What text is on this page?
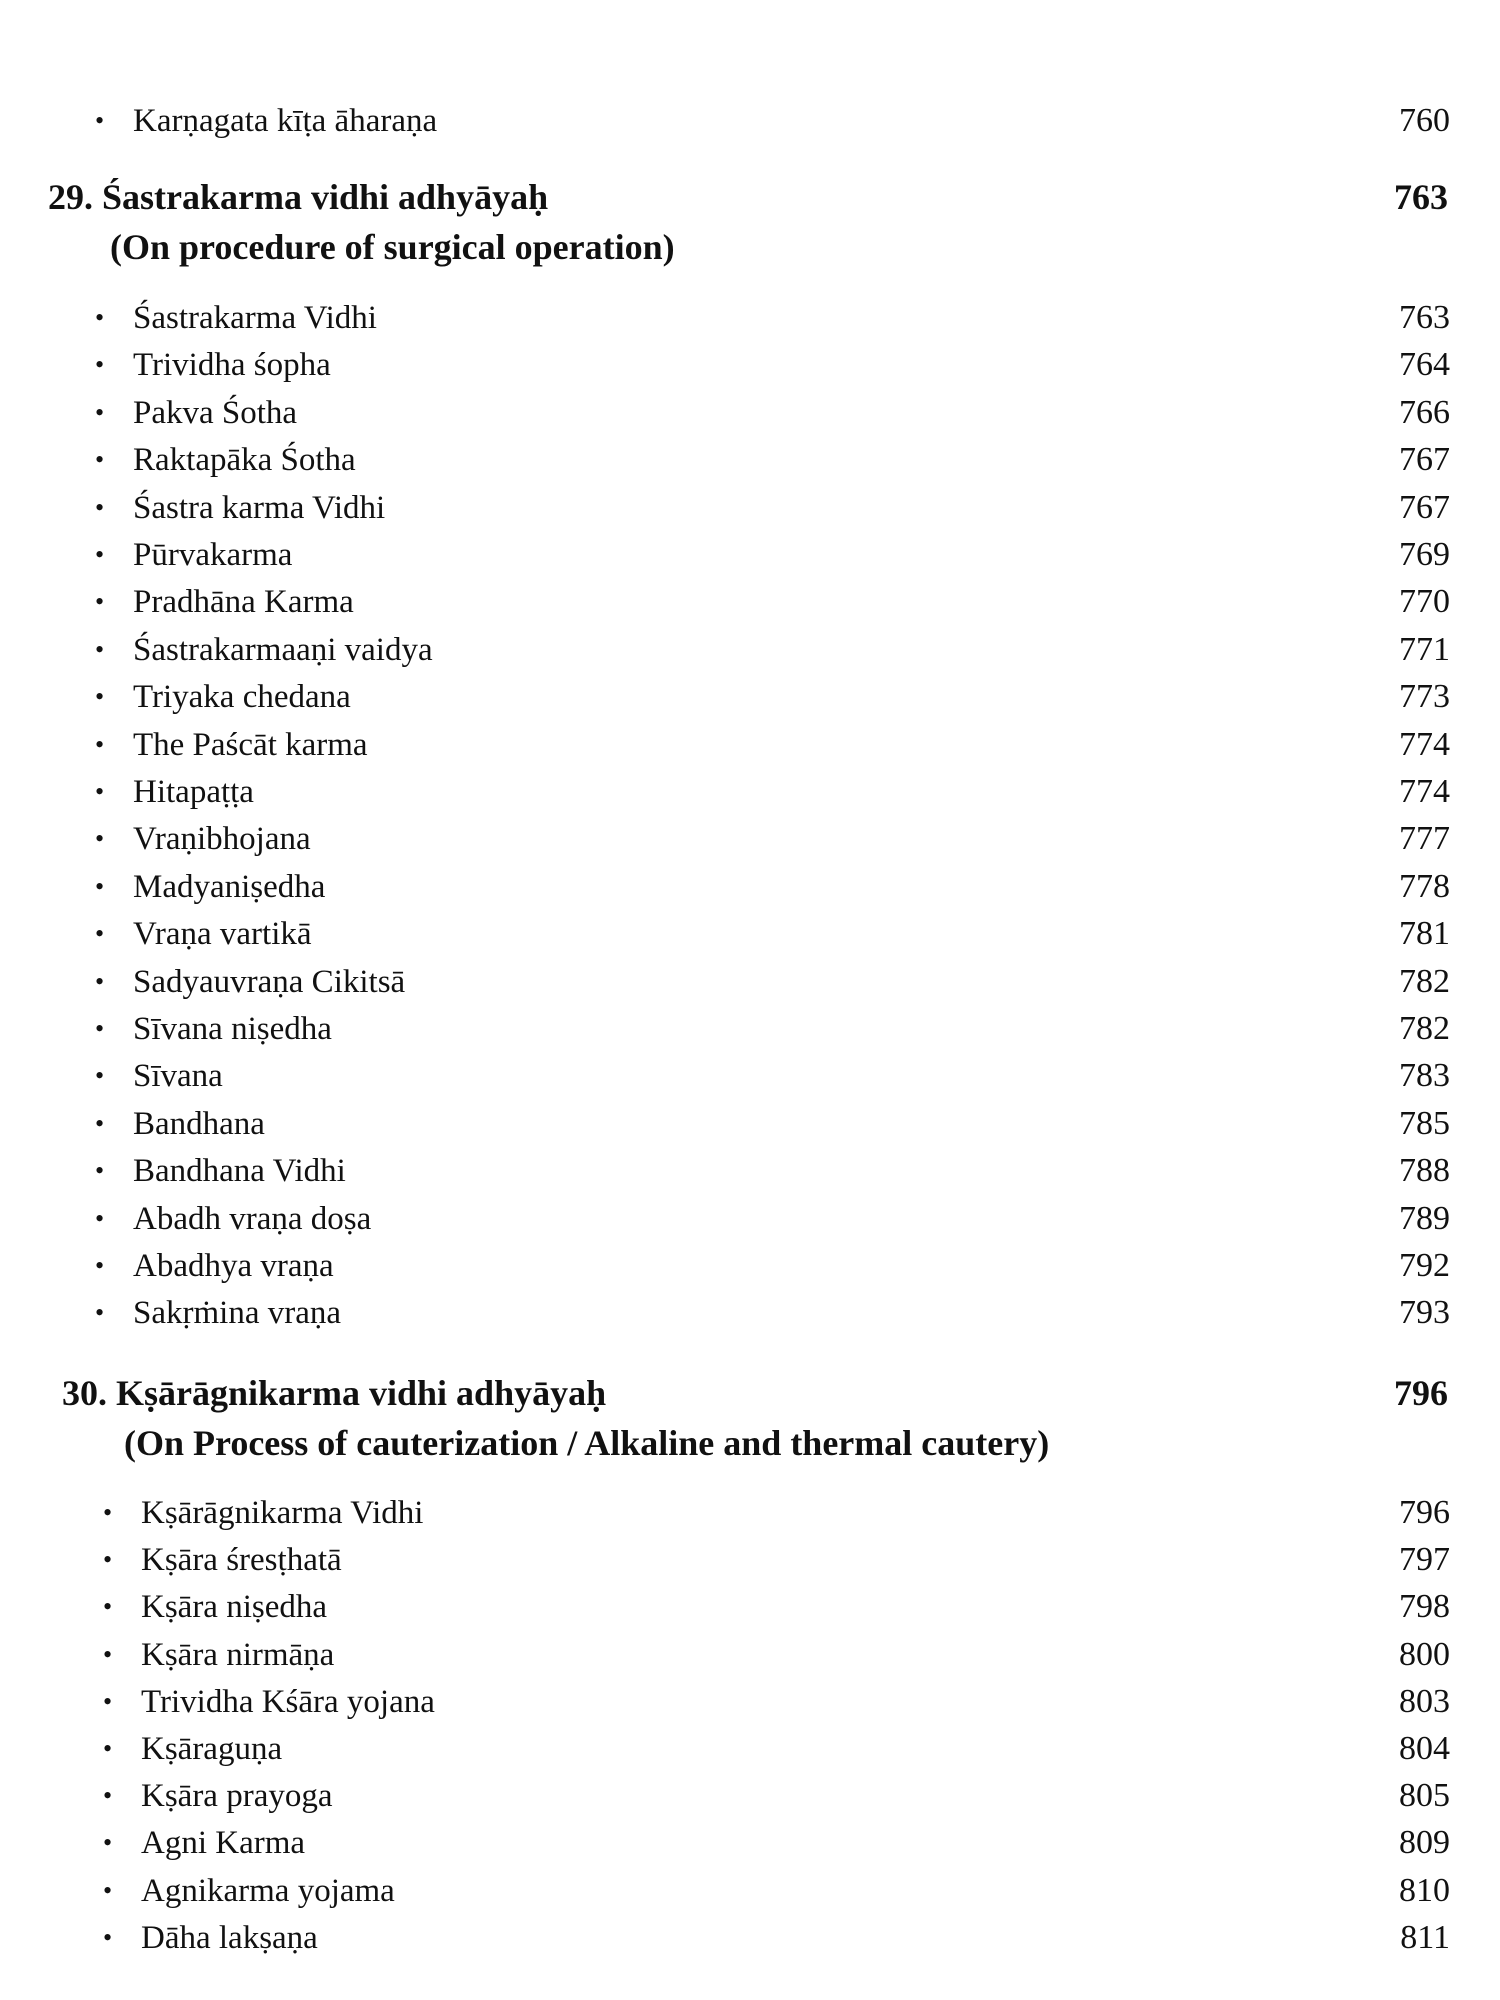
• Karṇagata kīṭa āharaṇa	760
29. Śastrakarma vidhi adhyāyaḥ	763
(On procedure of surgical operation)
• Śastrakarma Vidhi	763
• Trividha śopha	764
• Pakva Śotha	766
• Raktapāka Śotha	767
• Śastra karma Vidhi	767
• Pūrvakarma	769
• Pradhāna Karma	770
• Śastrakarmaaṇi vaidya	771
• Triyaka chedana	773
• The Paścāt karma	774
• Hitapaṭṭa	774
• Vraṇibhojana	777
• Madyaniṣedha	778
• Vraṇa vartikā	781
• Sadyauvraṇa Cikitsā	782
• Sīvana niṣedha	782
• Sīvana	783
• Bandhana	785
• Bandhana Vidhi	788
• Abadh vraṇa doṣa	789
• Abadhya vraṇa	792
• Sakṛṁina vraṇa	793
30. Kṣārāgnikarma vidhi adhyāyaḥ	796
(On Process of cauterization / Alkaline and thermal cautery)
• Kṣārāgnikarma Vidhi	796
• Kṣāra śresṭhatā	797
• Kṣāra niṣedha	798
• Kṣāra nirmāṇa	800
• Trividha Kśāra yojana	803
• Kṣāraguṇa	804
• Kṣāra prayoga	805
• Agni Karma	809
• Agnikarma yojama	810
• Dāha lakṣaṇa	811
